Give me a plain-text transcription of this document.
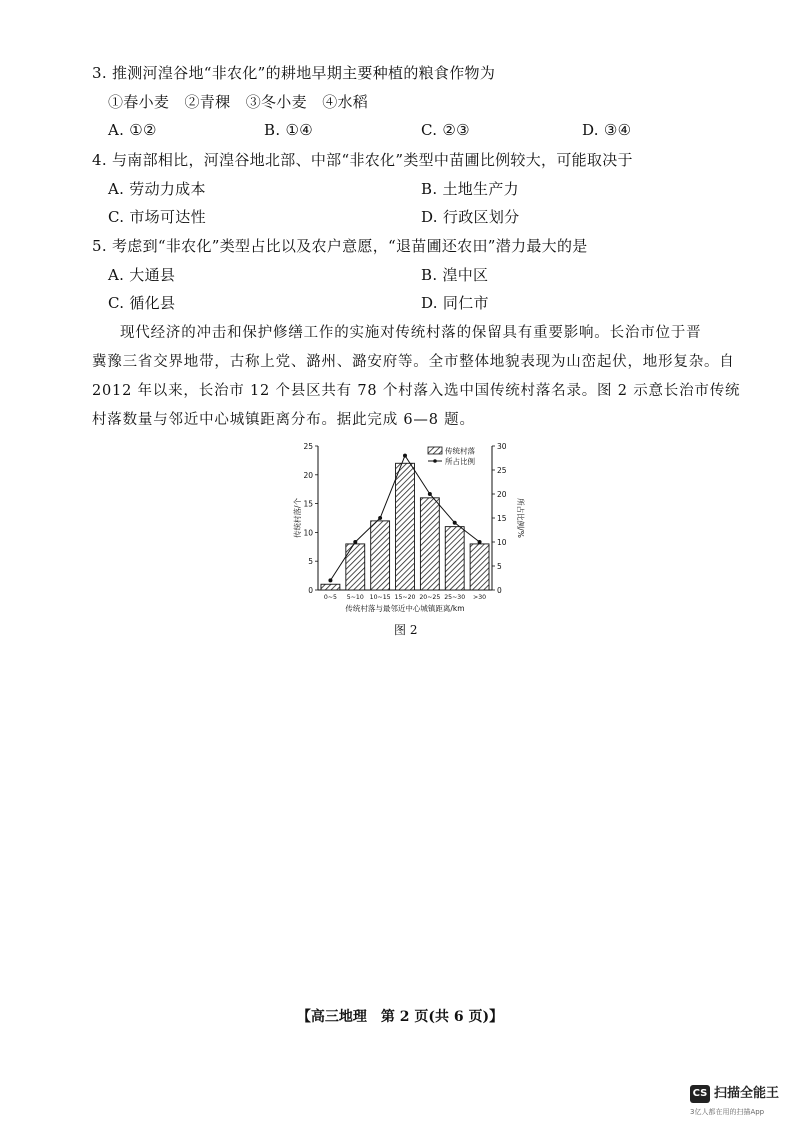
3. 推测河湟谷地“非农化”的耕地早期主要种植的粮食作物为
①春小麦　②青稞　③冬小麦　④水稻
A. ①②	B. ①④	C. ②③	D. ③④
4. 与南部相比，河湟谷地北部、中部“非农化”类型中苗圃比例较大，可能取决于
A. 劳动力成本	B. 土地生产力
C. 市场可达性	D. 行政区划分
5. 考虑到“非农化”类型占比以及农户意愿，“退苗圃还农田”潜力最大的是
A. 大通县	B. 湟中区
C. 循化县	D. 同仁市
现代经济的冲击和保护修缮工作的实施对传统村落的保留具有重要影响。长治市位于晋
冀豫三省交界地带，古称上党、潞州、潞安府等。全市整体地貌表现为山峦起伏，地形复杂。自
2012 年以来，长治市 12 个县区共有 78 个村落入选中国传统村落名录。图 2 示意长治市传统
村落数量与邻近中心城镇距离分布。据此完成 6—8 题。
0
5
10
15
20
25
0
5
10
15
20
25
30
0~5 5~10 10~15 15~20 20~25 25~30 >30
传统村落与最邻近中心城镇距离/km
传统村落/个	所占比例/%
传统村落
所占比例
图 2
【高三地理　第 2 页(共 6 页)】
CS 扫描全能王
3亿人都在用的扫描App
